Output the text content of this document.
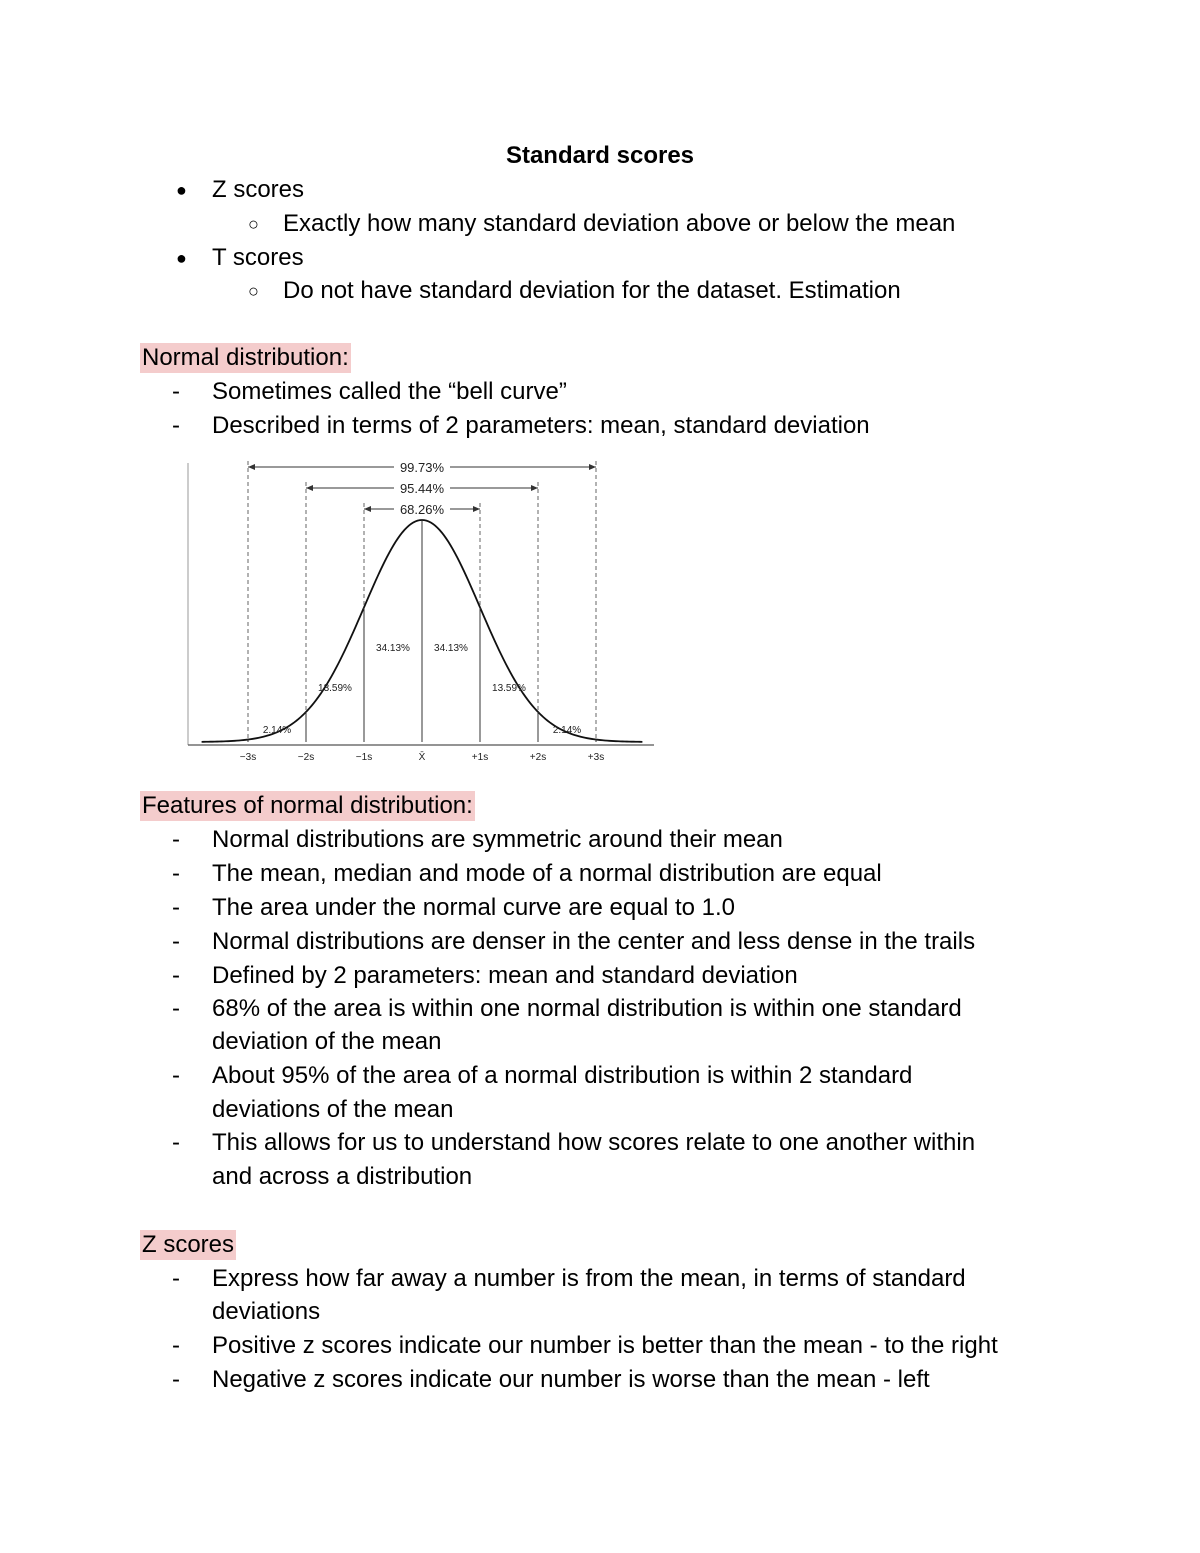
Standard scores
● Z scores
○ Exactly how many standard deviation above or below the mean
● T scores
○ Do not have standard deviation for the dataset. Estimation
Normal distribution:
- Sometimes called the “bell curve”
- Described in terms of 2 parameters: mean, standard deviation
68.26%
95.44%
99.73%
2.14%
13.59%
34.13% 34.13%
13.59%
2.14%
−3s	−2s	−1s	X̄	+1s	+2s	+3s
Features of normal distribution:
- Normal distributions are symmetric around their mean
- The mean, median and mode of a normal distribution are equal
- The area under the normal curve are equal to 1.0
- Normal distributions are denser in the center and less dense in the trails
- Defined by 2 parameters: mean and standard deviation
- 68% of the area is within one normal distribution is within one standard
deviation of the mean
- About 95% of the area of a normal distribution is within 2 standard
deviations of the mean
- This allows for us to understand how scores relate to one another within
and across a distribution
Z scores
- Express how far away a number is from the mean, in terms of standard
deviations
- Positive z scores indicate our number is better than the mean - to the right
- Negative z scores indicate our number is worse than the mean - left
